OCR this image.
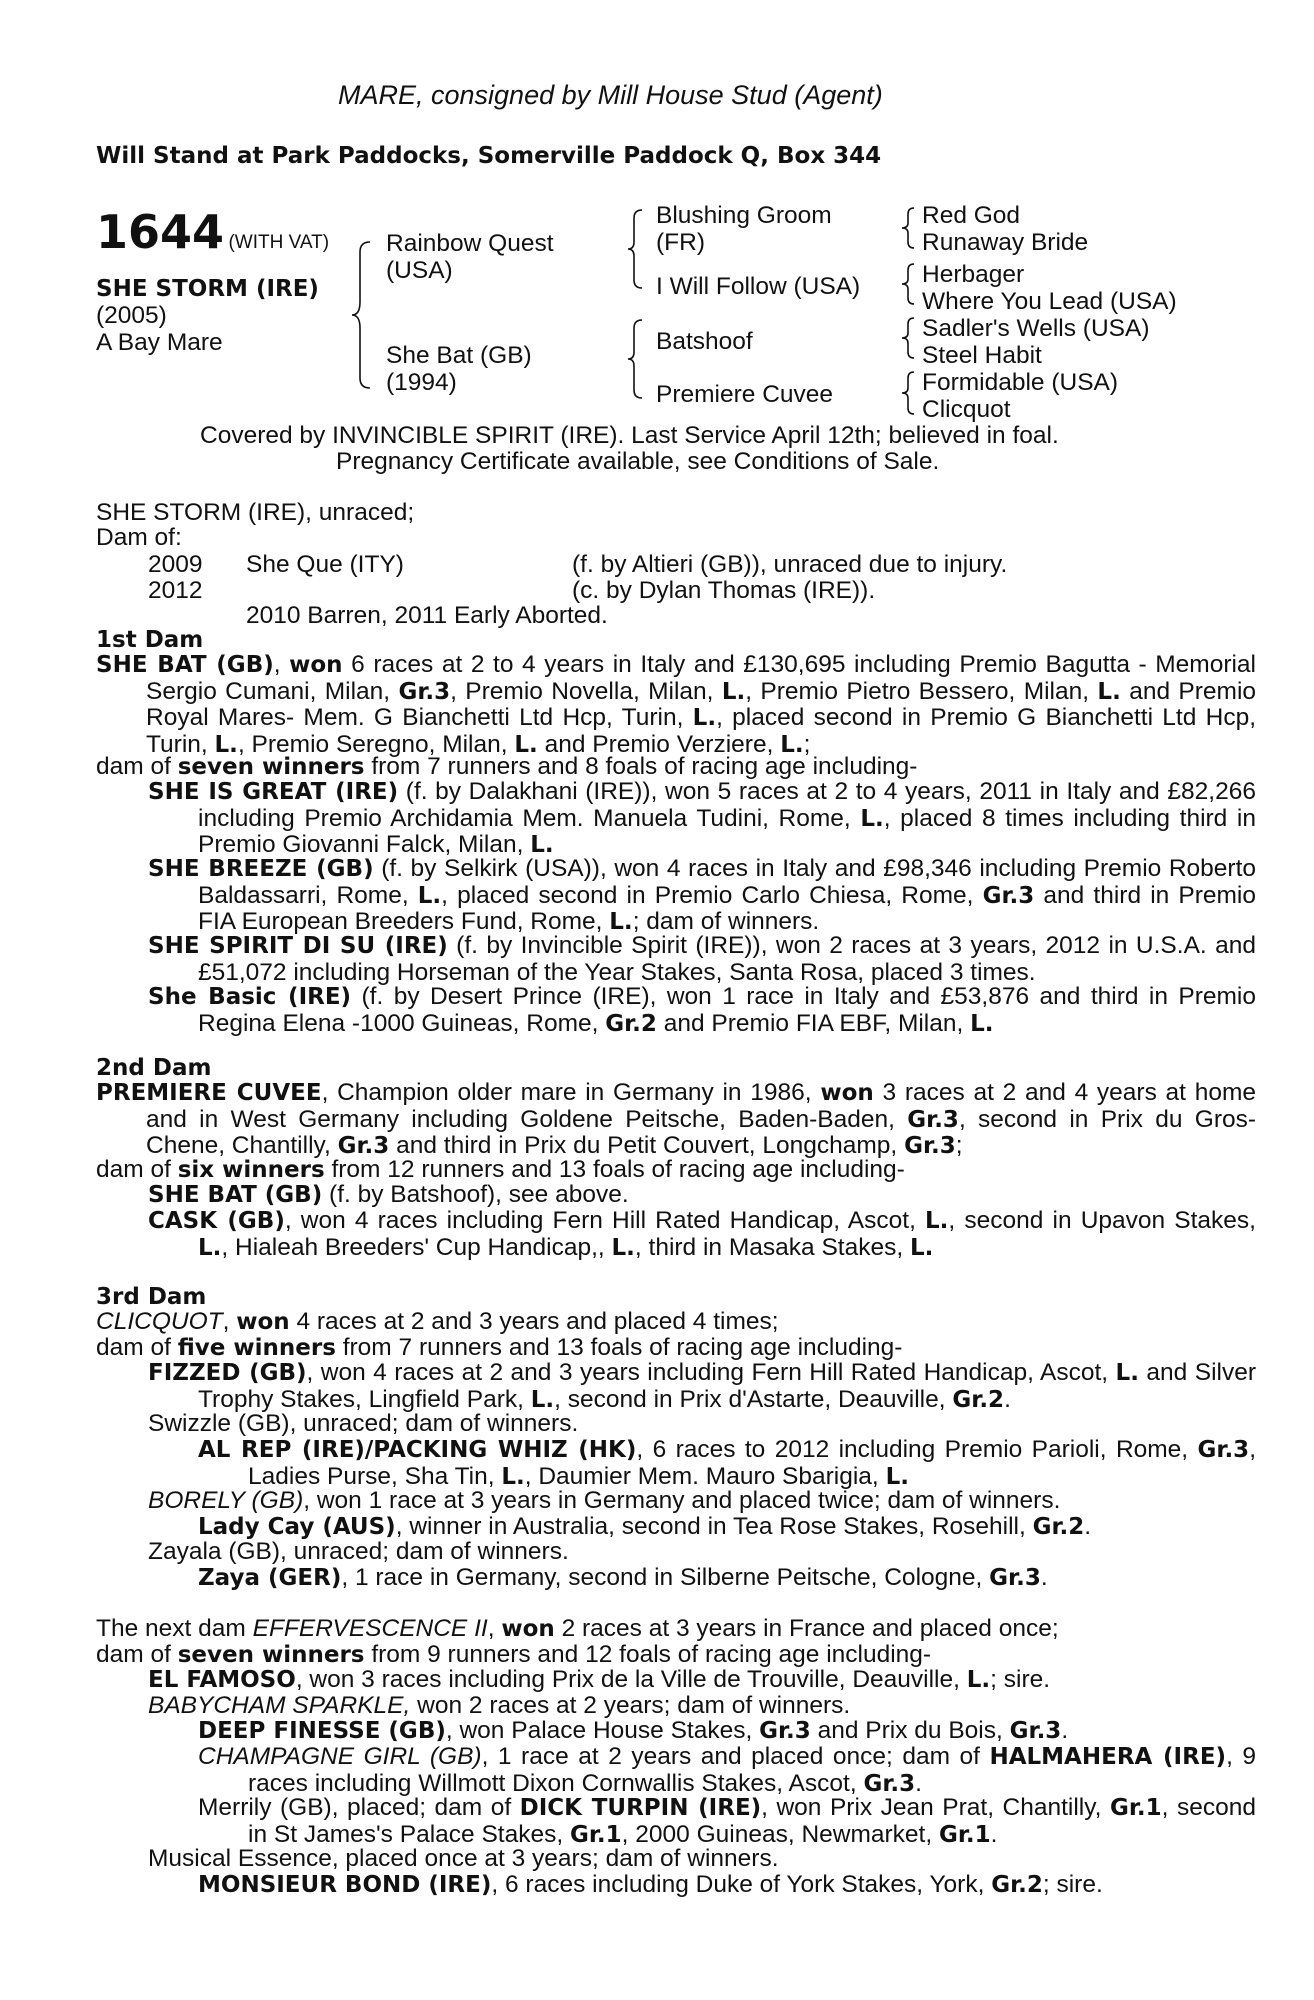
MARE, consigned by Mill House Stud (Agent)
Will Stand at Park Paddocks, Somerville Paddock Q, Box 344
1644 (WITH VAT)
SHE STORM (IRE)
(2005)
A Bay Mare
Rainbow Quest
(USA)
She Bat (GB)
(1994)
Blushing Groom
(FR)
I Will Follow (USA)
Batshoof
Premiere Cuvee
Red God
Runaway Bride
Herbager
Where You Lead (USA)
Sadler's Wells (USA)
Steel Habit
Formidable (USA)
Clicquot
Covered by INVINCIBLE SPIRIT (IRE). Last Service April 12th; believed in foal.
Pregnancy Certificate available, see Conditions of Sale.
SHE STORM (IRE), unraced;
Dam of:
2009 She Que (ITY)	(f. by Altieri (GB)), unraced due to injury.
2012	(c. by Dylan Thomas (IRE)).
2010 Barren, 2011 Early Aborted.
1st Dam
SHE BAT (GB), won 6 races at 2 to 4 years in Italy and £130,695 including Premio Bagutta - Memorial Sergio Cumani, Milan, Gr.3, Premio Novella, Milan, L., Premio Pietro Bessero, Milan, L. and Premio Royal Mares- Mem. G Bianchetti Ltd Hcp, Turin, L., placed second in Premio G Bianchetti Ltd Hcp, Turin, L., Premio Seregno, Milan, L. and Premio Verziere, L.;
dam of seven winners from 7 runners and 8 foals of racing age including-
SHE IS GREAT (IRE) (f. by Dalakhani (IRE)), won 5 races at 2 to 4 years, 2011 in Italy and £82,266 including Premio Archidamia Mem. Manuela Tudini, Rome, L., placed 8 times including third in Premio Giovanni Falck, Milan, L.
SHE BREEZE (GB) (f. by Selkirk (USA)), won 4 races in Italy and £98,346 including Premio Roberto Baldassarri, Rome, L., placed second in Premio Carlo Chiesa, Rome, Gr.3 and third in Premio FIA European Breeders Fund, Rome, L.; dam of winners.
SHE SPIRIT DI SU (IRE) (f. by Invincible Spirit (IRE)), won 2 races at 3 years, 2012 in U.S.A. and £51,072 including Horseman of the Year Stakes, Santa Rosa, placed 3 times.
She Basic (IRE) (f. by Desert Prince (IRE), won 1 race in Italy and £53,876 and third in Premio Regina Elena -1000 Guineas, Rome, Gr.2 and Premio FIA EBF, Milan, L.
2nd Dam
PREMIERE CUVEE, Champion older mare in Germany in 1986, won 3 races at 2 and 4 years at home and in West Germany including Goldene Peitsche, Baden-Baden, Gr.3, second in Prix du Gros-Chene, Chantilly, Gr.3 and third in Prix du Petit Couvert, Longchamp, Gr.3;
dam of six winners from 12 runners and 13 foals of racing age including-
SHE BAT (GB) (f. by Batshoof), see above.
CASK (GB), won 4 races including Fern Hill Rated Handicap, Ascot, L., second in Upavon Stakes, L., Hialeah Breeders' Cup Handicap,, L., third in Masaka Stakes, L.
3rd Dam
CLICQUOT, won 4 races at 2 and 3 years and placed 4 times;
dam of five winners from 7 runners and 13 foals of racing age including-
FIZZED (GB), won 4 races at 2 and 3 years including Fern Hill Rated Handicap, Ascot, L. and Silver Trophy Stakes, Lingfield Park, L., second in Prix d'Astarte, Deauville, Gr.2.
Swizzle (GB), unraced; dam of winners.
AL REP (IRE)/PACKING WHIZ (HK), 6 races to 2012 including Premio Parioli, Rome, Gr.3, Ladies Purse, Sha Tin, L., Daumier Mem. Mauro Sbarigia, L.
BORELY (GB), won 1 race at 3 years in Germany and placed twice; dam of winners.
Lady Cay (AUS), winner in Australia, second in Tea Rose Stakes, Rosehill, Gr.2.
Zayala (GB), unraced; dam of winners.
Zaya (GER), 1 race in Germany, second in Silberne Peitsche, Cologne, Gr.3.
The next dam EFFERVESCENCE II, won 2 races at 3 years in France and placed once;
dam of seven winners from 9 runners and 12 foals of racing age including-
EL FAMOSO, won 3 races including Prix de la Ville de Trouville, Deauville, L.; sire.
BABYCHAM SPARKLE, won 2 races at 2 years; dam of winners.
DEEP FINESSE (GB), won Palace House Stakes, Gr.3 and Prix du Bois, Gr.3.
CHAMPAGNE GIRL (GB), 1 race at 2 years and placed once; dam of HALMAHERA (IRE), 9 races including Willmott Dixon Cornwallis Stakes, Ascot, Gr.3.
Merrily (GB), placed; dam of DICK TURPIN (IRE), won Prix Jean Prat, Chantilly, Gr.1, second in St James's Palace Stakes, Gr.1, 2000 Guineas, Newmarket, Gr.1.
Musical Essence, placed once at 3 years; dam of winners.
MONSIEUR BOND (IRE), 6 races including Duke of York Stakes, York, Gr.2; sire.
